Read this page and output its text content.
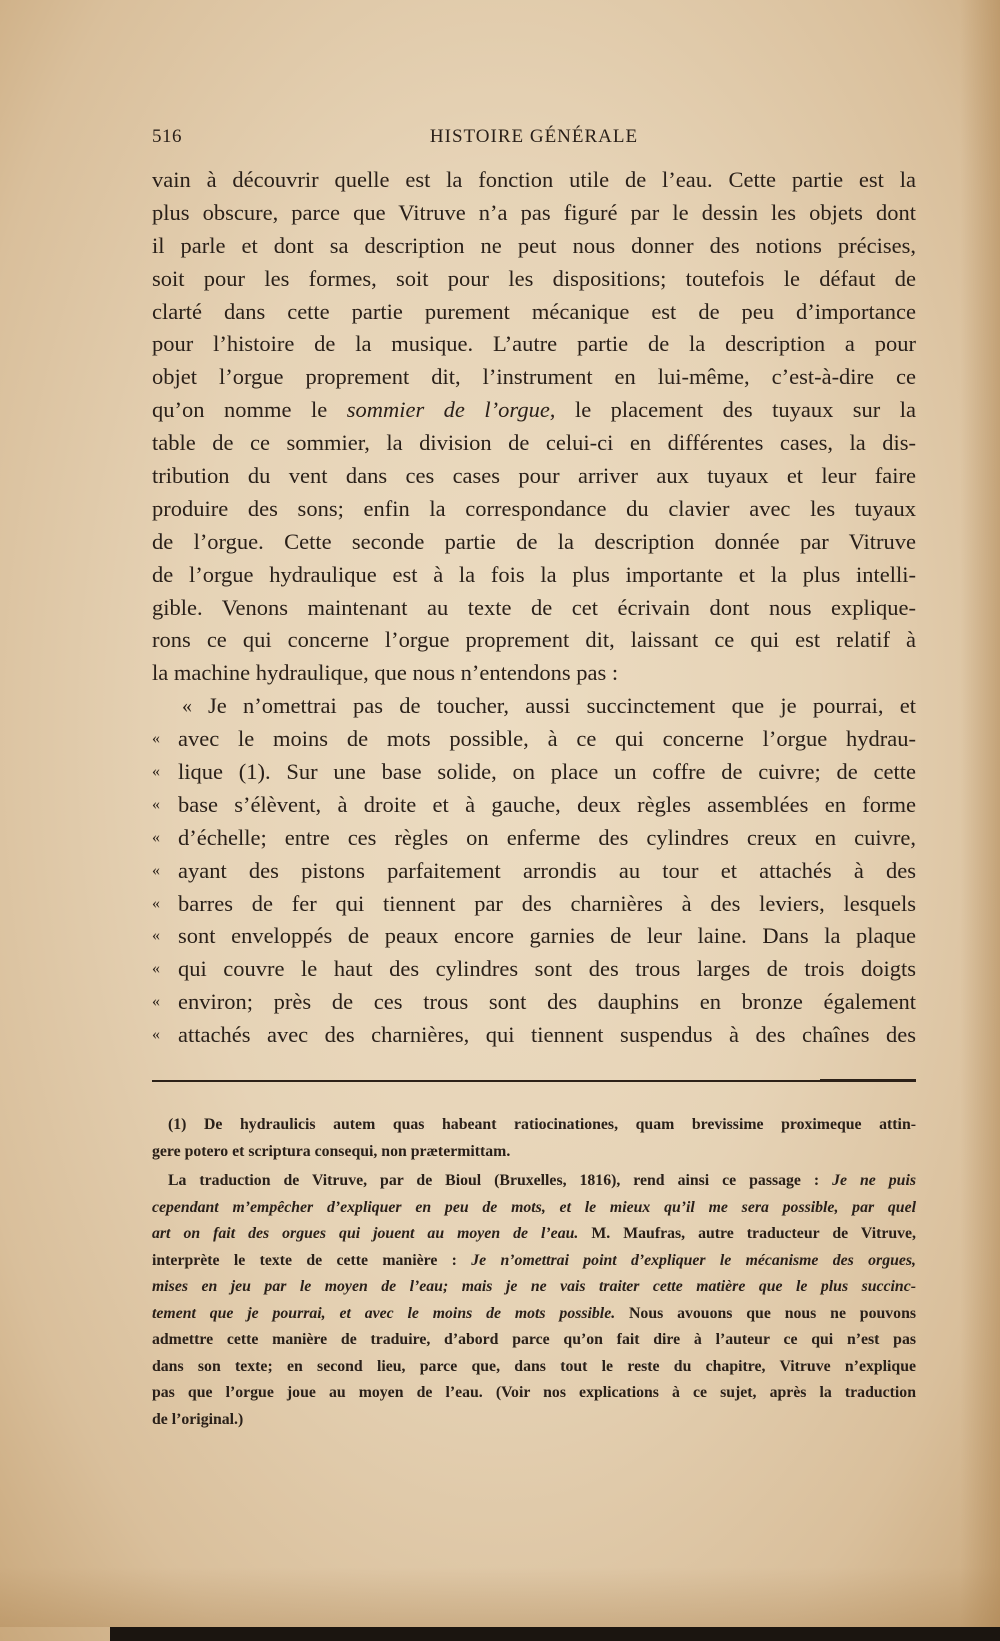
516	HISTOIRE GÉNÉRALE
vain à découvrir quelle est la fonction utile de l’eau. Cette partie est la
plus obscure, parce que Vitruve n’a pas figuré par le dessin les objets dont
il parle et dont sa description ne peut nous donner des notions précises,
soit pour les formes, soit pour les dispositions; toutefois le défaut de
clarté dans cette partie purement mécanique est de peu d’importance
pour l’histoire de la musique. L’autre partie de la description a pour
objet l’orgue proprement dit, l’instrument en lui-même, c’est-à-dire ce
qu’on nomme le sommier de l’orgue, le placement des tuyaux sur la
table de ce sommier, la division de celui-ci en différentes cases, la dis-
tribution du vent dans ces cases pour arriver aux tuyaux et leur faire
produire des sons; enfin la correspondance du clavier avec les tuyaux
de l’orgue. Cette seconde partie de la description donnée par Vitruve
de l’orgue hydraulique est à la fois la plus importante et la plus intelli-
gible. Venons maintenant au texte de cet écrivain dont nous explique-
rons ce qui concerne l’orgue proprement dit, laissant ce qui est relatif à
la machine hydraulique, que nous n’entendons pas :
« Je n’omettrai pas de toucher, aussi succinctement que je pourrai, et
« avec le moins de mots possible, à ce qui concerne l’orgue hydrau-
« lique (1). Sur une base solide, on place un coffre de cuivre; de cette
« base s’élèvent, à droite et à gauche, deux règles assemblées en forme
« d’échelle; entre ces règles on enferme des cylindres creux en cuivre,
« ayant des pistons parfaitement arrondis au tour et attachés à des
« barres de fer qui tiennent par des charnières à des leviers, lesquels
« sont enveloppés de peaux encore garnies de leur laine. Dans la plaque
« qui couvre le haut des cylindres sont des trous larges de trois doigts
« environ; près de ces trous sont des dauphins en bronze également
« attachés avec des charnières, qui tiennent suspendus à des chaînes des
(1) De hydraulicis autem quas habeant ratiocinationes, quam brevissime proximeque attin-
gere potero et scriptura consequi, non prætermittam.
La traduction de Vitruve, par de Bioul (Bruxelles, 1816), rend ainsi ce passage : Je ne puis
cependant m’empêcher d’expliquer en peu de mots, et le mieux qu’il me sera possible, par quel
art on fait des orgues qui jouent au moyen de l’eau. M. Maufras, autre traducteur de Vitruve,
interprète le texte de cette manière : Je n’omettrai point d’expliquer le mécanisme des orgues,
mises en jeu par le moyen de l’eau; mais je ne vais traiter cette matière que le plus succinc-
tement que je pourrai, et avec le moins de mots possible. Nous avouons que nous ne pouvons
admettre cette manière de traduire, d’abord parce qu’on fait dire à l’auteur ce qui n’est pas
dans son texte; en second lieu, parce que, dans tout le reste du chapitre, Vitruve n’explique
pas que l’orgue joue au moyen de l’eau. (Voir nos explications à ce sujet, après la traduction
de l’original.)
